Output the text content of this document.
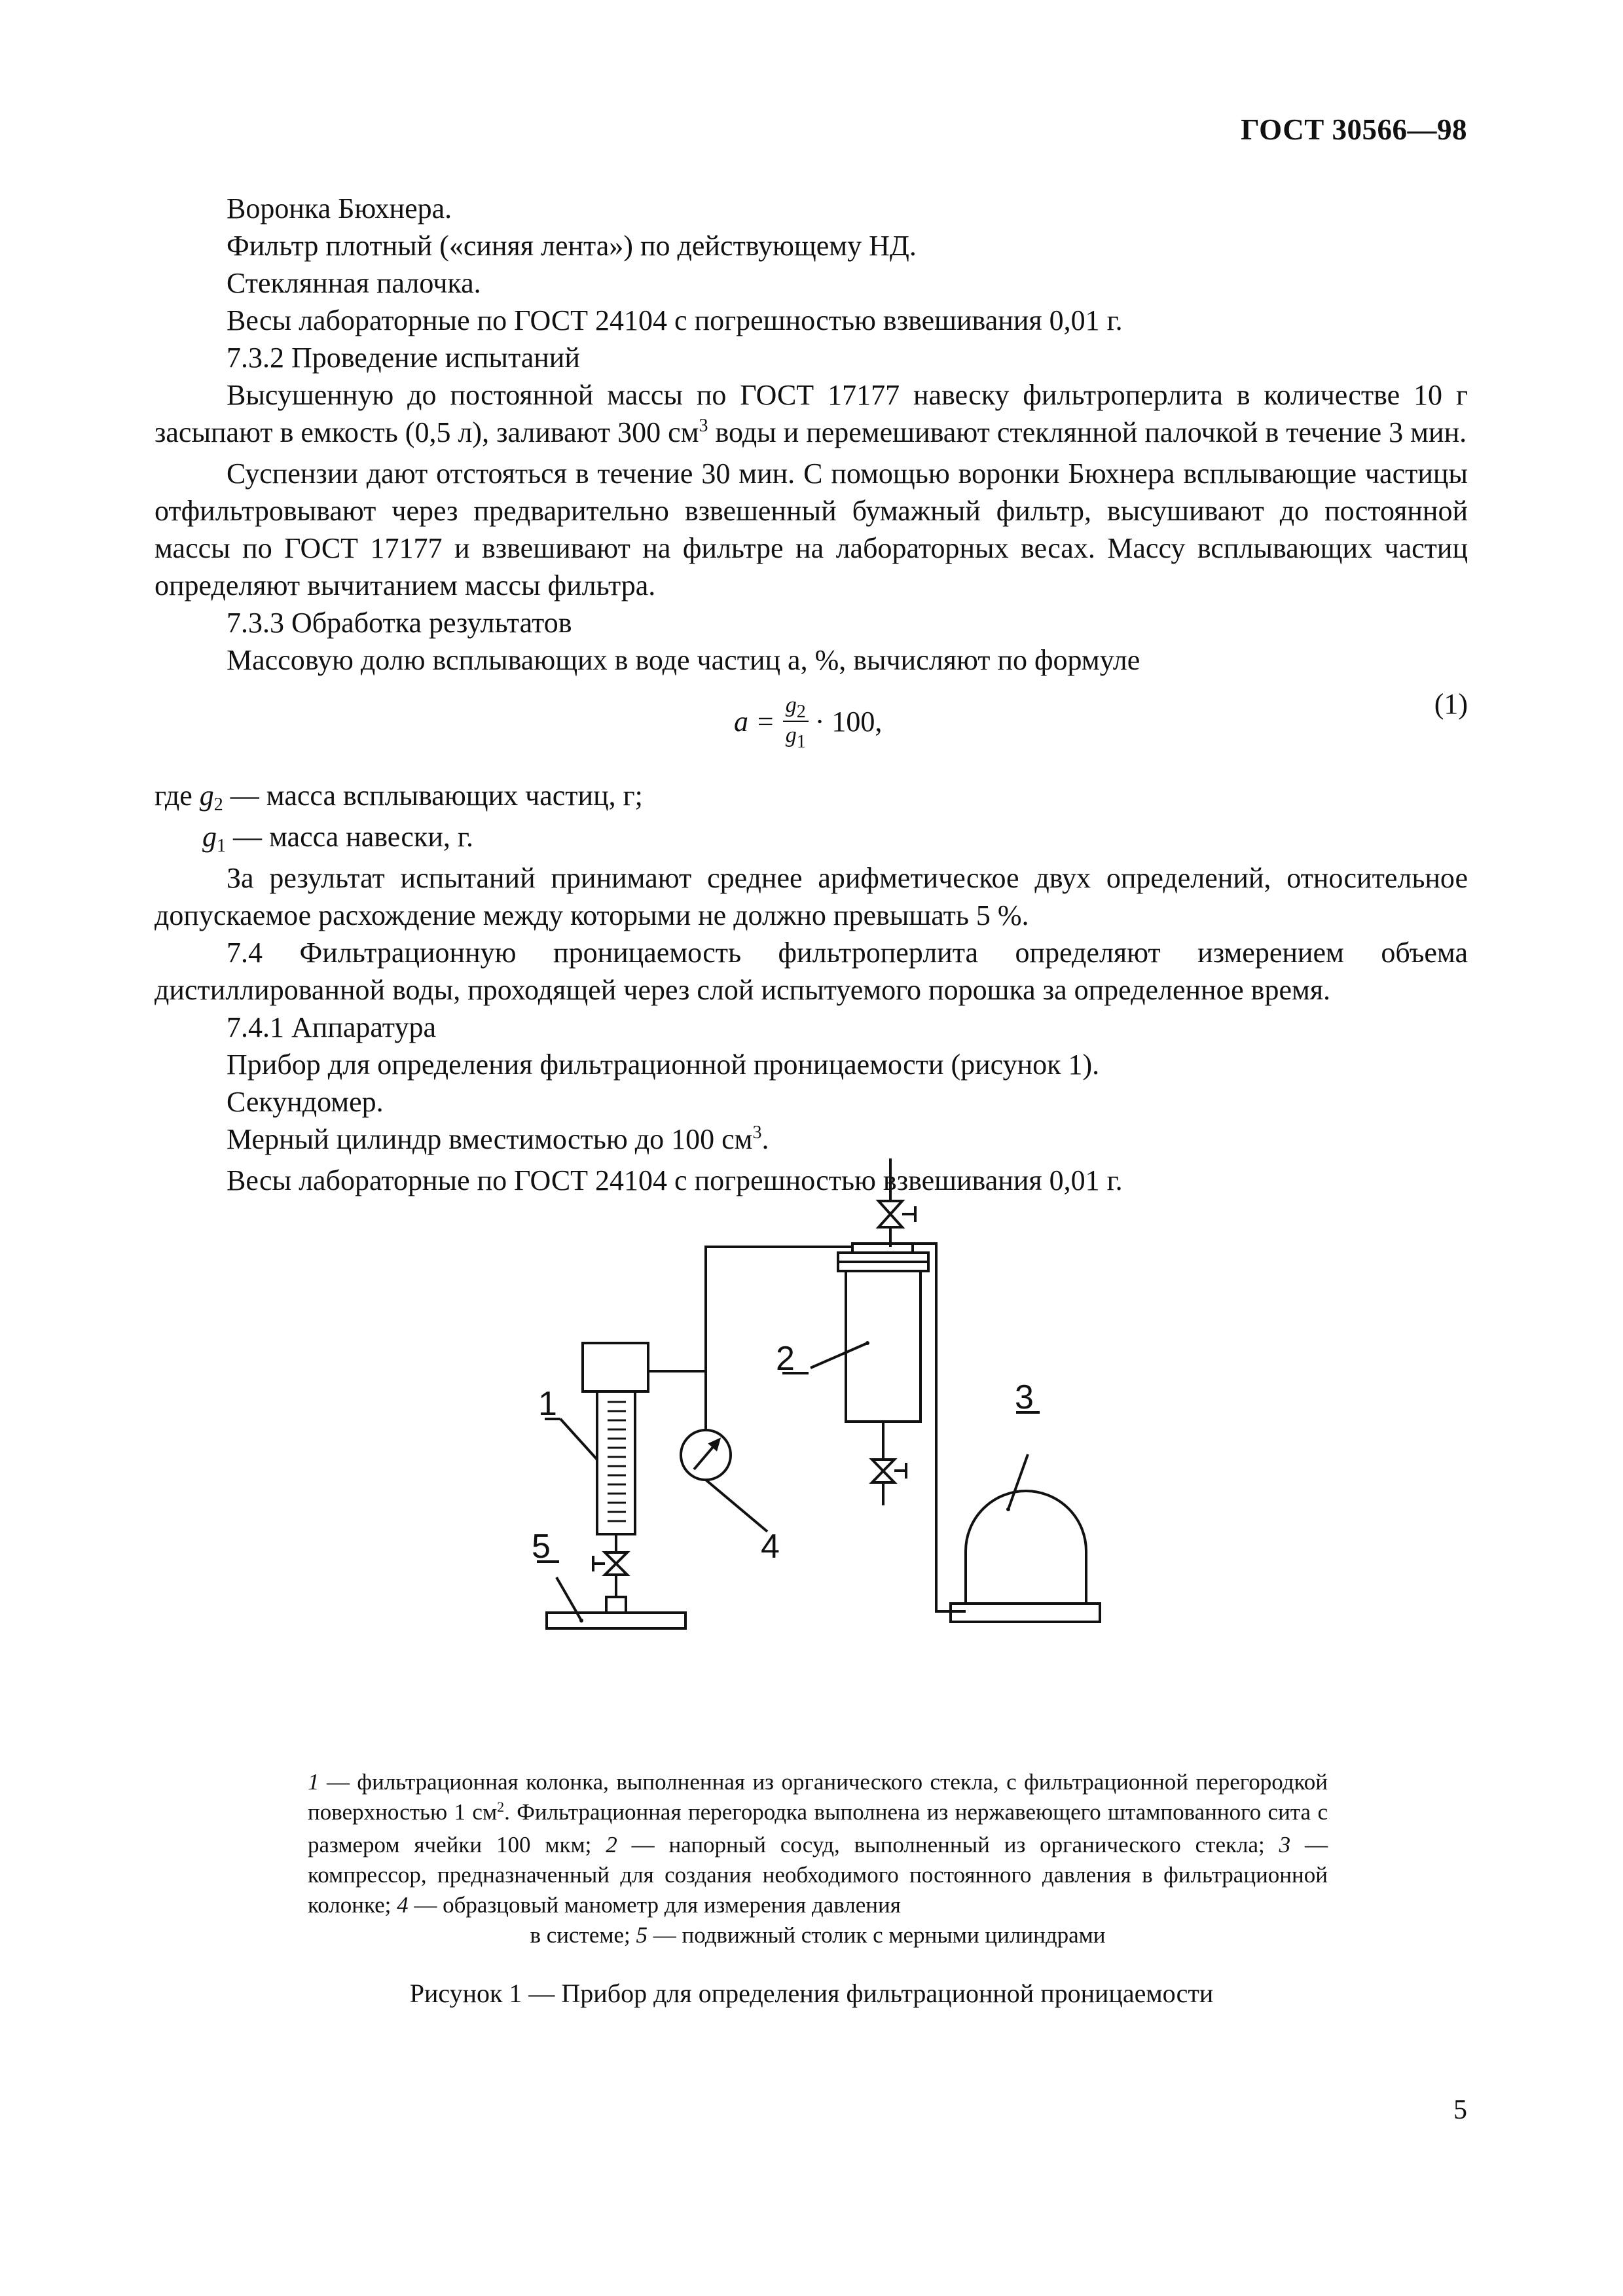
ГОСТ 30566—98

Воронка Бюхнера.

Фильтр плотный («синяя лента») по действующему НД.

Стеклянная палочка.

Весы лабораторные по ГОСТ 24104 с погрешностью взвешивания 0,01 г.

7.3.2 Проведение испытаний

Высушенную до постоянной массы по ГОСТ 17177 навеску фильтроперлита в количестве 10 г засыпают в емкость (0,5 л), заливают 300 $см^3$ воды и перемешивают стеклянной палочкой в течение 3 мин.

Суспензии дают отстояться в течение 30 мин. С помощью воронки Бюхнера всплывающие частицы отфильтровывают через предварительно взвешенный бумажный фильтр, высушивают до постоянной массы по ГОСТ 17177 и взвешивают на фильтре на лабораторных весах. Массу всплывающих частиц определяют вычитанием массы фильтра.

7.3.3 Обработка результатов

Массовую долю всплывающих в воде частиц a, %, вычисляют по формуле

$a = \frac{g_2}{g_1} \cdot 100$,
(1)

где g2 — масса всплывающих частиц, г;

g1 — масса навески, г.

За результат испытаний принимают среднее арифметическое двух определений, относительное допускаемое расхождение между которыми не должно превышать 5 %.

7.4 Фильтрационную проницаемость фильтроперлита определяют измерением объема дистиллированной воды, проходящей через слой испытуемого порошка за определенное время.

7.4.1 Аппаратура

Прибор для определения фильтрационной проницаемости (рисунок 1).

Секундомер.

Мерный цилиндр вместимостью до 100 $см^3$.

Весы лабораторные по ГОСТ 24104 с погрешностью взвешивания 0,01 г.

1
2
3
4
5
1 — фильтрационная колонка, выполненная из органического стекла, с фильтрационной перегородкой поверхностью 1 $см^2$. Фильтрационная перегородка выполнена из нержавеющего штампованного сита с размером ячейки 100 мкм; 2 — напорный сосуд, выполненный из органического стекла; 3 — компрессор, предназначенный для создания необходимого постоянного давления в фильтрационной колонке; 4 — образцовый манометр для измерения давления
в системе; 5 — подвижный столик с мерными цилиндрами
Рисунок 1 — Прибор для определения фильтрационной проницаемости
5
